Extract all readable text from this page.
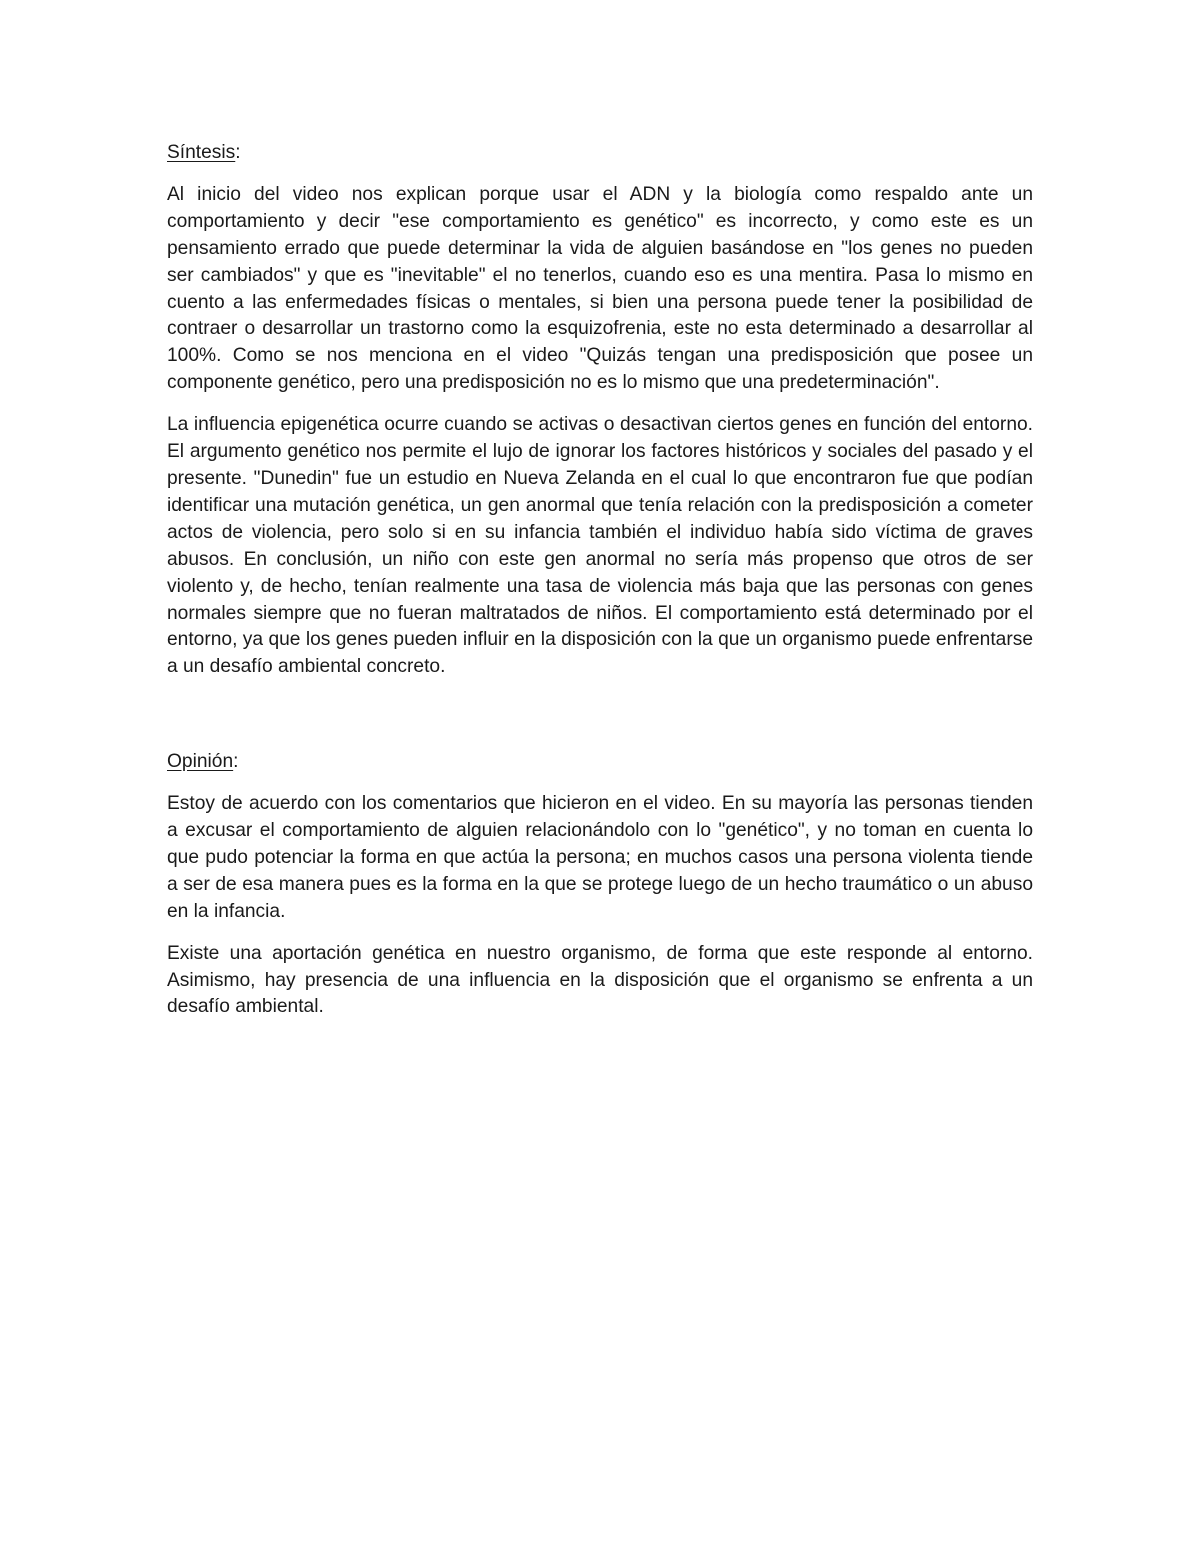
Síntesis:

Al inicio del video nos explican porque usar el ADN y la biología como respaldo ante un comportamiento y decir "ese comportamiento es genético" es incorrecto, y como este es un pensamiento errado que puede determinar la vida de alguien basándose en "los genes no pueden ser cambiados" y que es "inevitable" el no tenerlos, cuando eso es una mentira. Pasa lo mismo en cuento a las enfermedades físicas o mentales, si bien una persona puede tener la posibilidad de contraer o desarrollar un trastorno como la esquizofrenia, este no esta determinado a desarrollar al 100%. Como se nos menciona en el video "Quizás tengan una predisposición que posee un componente genético, pero una predisposición no es lo mismo que una predeterminación".

La influencia epigenética ocurre cuando se activas o desactivan ciertos genes en función del entorno. El argumento genético nos permite el lujo de ignorar los factores históricos y sociales del pasado y el presente. "Dunedin" fue un estudio en Nueva Zelanda en el cual lo que encontraron fue que podían identificar una mutación genética, un gen anormal que tenía relación con la predisposición a cometer actos de violencia, pero solo si en su infancia también el individuo había sido víctima de graves abusos. En conclusión, un niño con este gen anormal no sería más propenso que otros de ser violento y, de hecho, tenían realmente una tasa de violencia más baja que las personas con genes normales siempre que no fueran maltratados de niños. El comportamiento está determinado por el entorno, ya que los genes pueden influir en la disposición con la que un organismo puede enfrentarse a un desafío ambiental concreto.

Opinión:

Estoy de acuerdo con los comentarios que hicieron en el video. En su mayoría las personas tienden a excusar el comportamiento de alguien relacionándolo con lo "genético", y no toman en cuenta lo que pudo potenciar la forma en que actúa la persona; en muchos casos una persona violenta tiende a ser de esa manera pues es la forma en la que se protege luego de un hecho traumático o un abuso en la infancia.

Existe una aportación genética en nuestro organismo, de forma que este responde al entorno. Asimismo, hay presencia de una influencia en la disposición que el organismo se enfrenta a un desafío ambiental.
